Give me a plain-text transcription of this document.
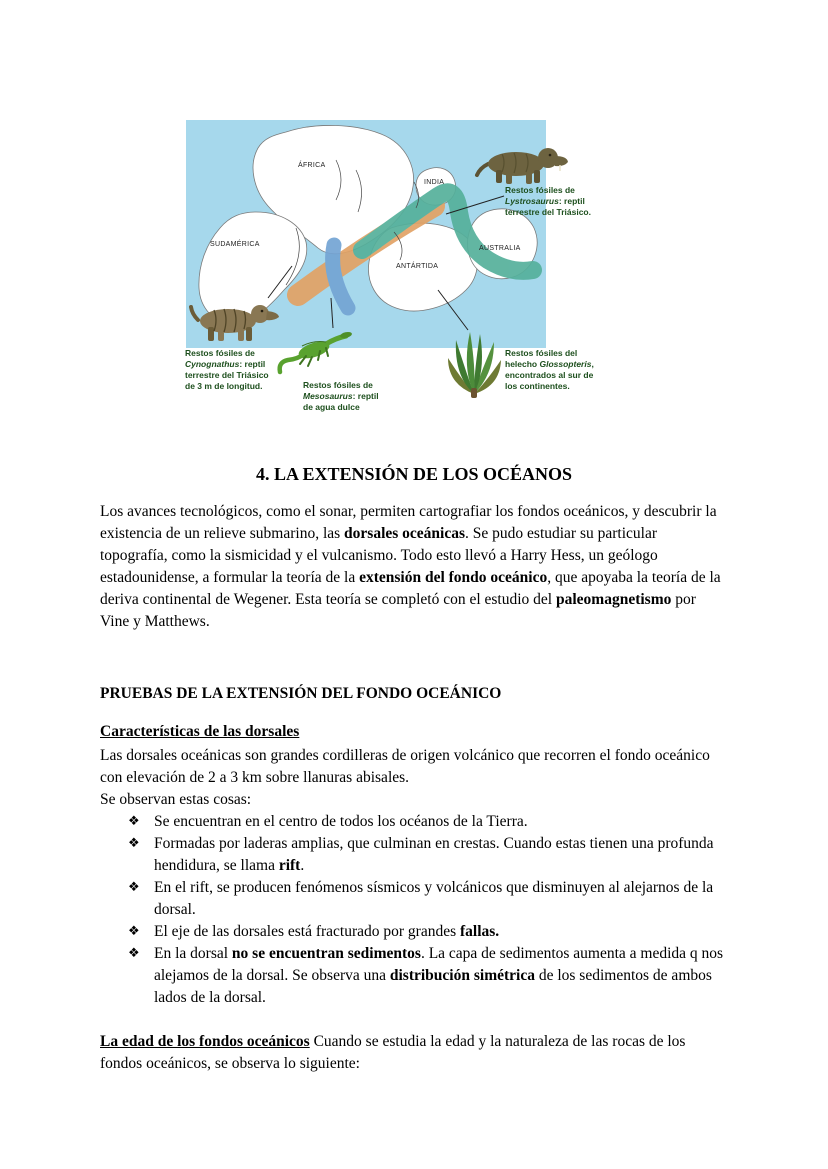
ÁFRICA
INDIA
SUDAMÉRICA
ANTÁRTIDA
AUSTRALIA
Restos fósiles de Lystrosaurus: reptil terrestre del Triásico.
Restos fósiles de Cynognathus: reptil terrestre del Triásico de 3 m de longitud.	Restos fósiles de Mesosaurus: reptil de agua dulce
Restos fósiles del helecho Glossopteris, encontrados al sur de los continentes.
4. LA EXTENSIÓN DE LOS OCÉANOS

Los avances tecnológicos, como el sonar, permiten cartografiar los fondos oceánicos, y descubrir la existencia de un relieve submarino, las dorsales oceánicas. Se pudo estudiar su particular topografía, como la sismicidad y el vulcanismo. Todo esto llevó a Harry Hess, un geólogo estadounidense, a formular la teoría de la extensión del fondo oceánico, que apoyaba la teoría de la deriva continental de Wegener. Esta teoría se completó con el estudio del paleomagnetismo por Vine y Matthews.

PRUEBAS DE LA EXTENSIÓN DEL FONDO OCEÁNICO
Características de las dorsales

Las dorsales oceánicas son grandes cordilleras de origen volcánico que recorren el fondo oceánico con elevación de 2 a 3 km sobre llanuras abisales.

Se observan estas cosas:

❖ Se encuentran en el centro de todos los océanos de la Tierra.
❖ Formadas por laderas amplias, que culminan en crestas. Cuando estas tienen una profunda hendidura, se llama rift.
❖ En el rift, se producen fenómenos sísmicos y volcánicos que disminuyen al alejarnos de la dorsal.
❖ El eje de las dorsales está fracturado por grandes fallas.
❖ En la dorsal no se encuentran sedimentos. La capa de sedimentos aumenta a medida q nos alejamos de la dorsal. Se observa una distribución simétrica de los sedimentos de ambos lados de la dorsal.

La edad de los fondos oceánicos Cuando se estudia la edad y la naturaleza de las rocas de los fondos oceánicos, se observa lo siguiente:
